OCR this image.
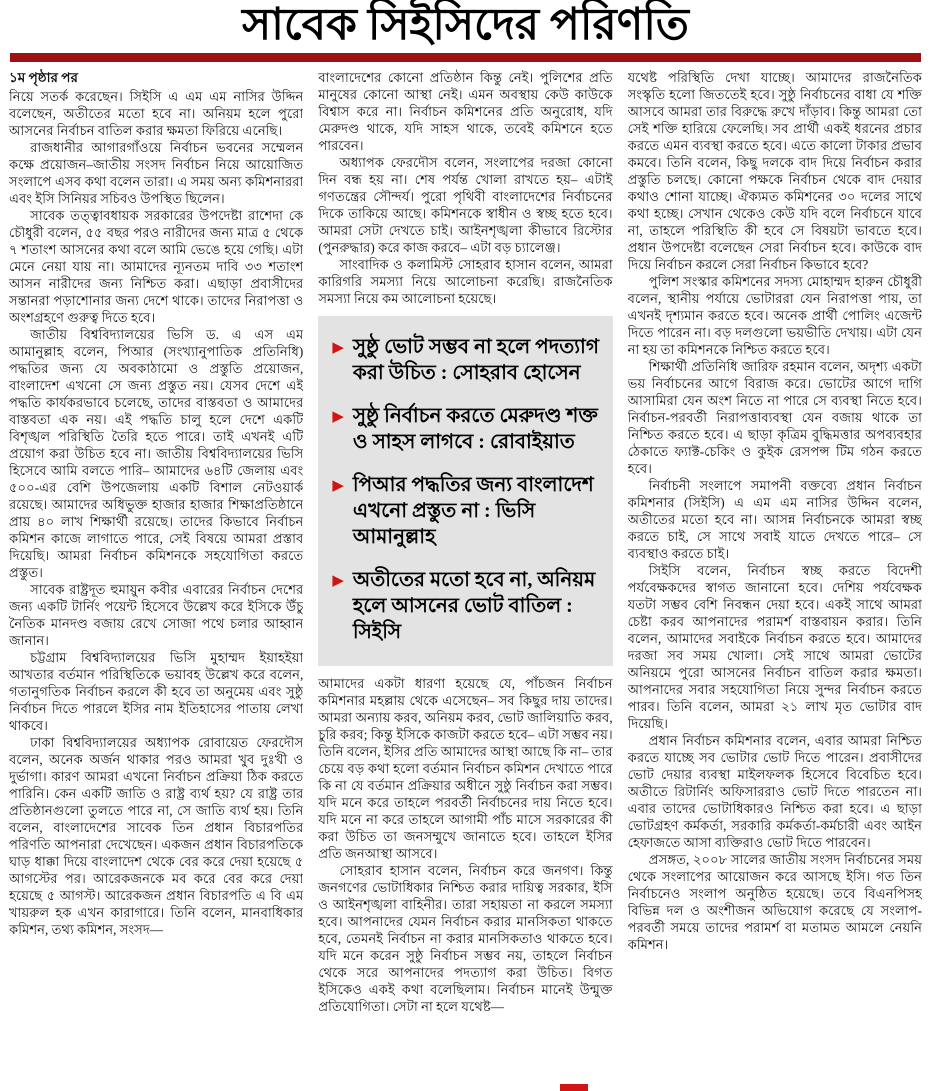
সাবেক সিইসিদের পরিণতি

১ম পৃষ্ঠার পর

নিয়ে সতর্ক করেছেন। সিইসি এ এম এম নাসির উদ্দিন বলেছেন, অতীতের মতো হবে না। অনিয়ম হলে পুরো আসনের নির্বাচন বাতিল করার ক্ষমতা ফিরিয়ে এনেছি।

রাজধানীর আগারগাঁওয়ে নির্বাচন ভবনের সম্মেলন কক্ষে প্রয়োজন–জাতীয় সংসদ নির্বাচন নিয়ে আয়োজিত সংলাপে এসব কথা বলেন তারা। এ সময় অন্য কমিশনাররা এবং ইসি সিনিয়র সচিবও উপস্থিত ছিলেন।

সাবেক তত্ত্বাবধায়ক সরকারের উপদেষ্টা রাশেদা কে চৌধুরী বলেন, ৫৫ বছর পরও নারীদের জন্য মাত্র ৫ থেকে ৭ শতাংশ আসনের কথা বলে আমি ভেঙে হয়ে গেছি। এটা মেনে নেয়া যায় না। আমাদের ন্যূনতম দাবি ৩৩ শতাংশ আসন নারীদের জন্য নিশ্চিত করা। এছাড়া প্রবাসীদের সন্তানরা পড়াশোনার জন্য দেশে থাকে। তাদের নিরাপত্তা ও অংশগ্রহণে গুরুত্ব দিতে হবে।

জাতীয় বিশ্ববিদ্যালয়ের ভিসি ড. এ এস এম আমানুল্লাহ বলেন, পিআর (সংখ্যানুপাতিক প্রতিনিধি) পদ্ধতির জন্য যে অবকাঠামো ও প্রস্তুতি প্রয়োজন, বাংলাদেশ এখনো সে জন্য প্রস্তুত নয়। যেসব দেশে এই পদ্ধতি কার্যকরভাবে চলেছে, তাদের বাস্তবতা ও আমাদের বাস্তবতা এক নয়। এই পদ্ধতি চালু হলে দেশে একটি বিশৃঙ্খল পরিস্থিতি তৈরি হতে পারে। তাই এখনই এটি প্রয়োগ করা উচিত হবে না। জাতীয় বিশ্ববিদ্যালয়ের ভিসি হিসেবে আমি বলতে পারি– আমাদের ৬৪টি জেলায় এবং ৫০০-এর বেশি উপজেলায় একটি বিশাল নেটওয়ার্ক রয়েছে। আমাদের অধিভুক্ত হাজার হাজার শিক্ষাপ্রতিষ্ঠানে প্রায় ৪০ লাখ শিক্ষার্থী রয়েছে। তাদের কিভাবে নির্বাচন কমিশন কাজে লাগাতে পারে, সেই বিষয়ে আমরা প্রস্তাব দিয়েছি। আমরা নির্বাচন কমিশনকে সহযোগিতা করতে প্রস্তুত।

সাবেক রাষ্ট্রদূত হুমায়ুন কবীর এবারের নির্বাচন দেশের জন্য একটি টার্নিং পয়েন্ট হিসেবে উল্লেখ করে ইসিকে উঁচু নৈতিক মানদণ্ড বজায় রেখে সোজা পথে চলার আহ্বান জানান।

চট্টগ্রাম বিশ্ববিদ্যালয়ের ভিসি মুহাম্মদ ইয়াহইয়া আখতার বর্তমান পরিস্থিতিকে ভয়াবহ উল্লেখ করে বলেন, গতানুগতিক নির্বাচন করলে কী হবে তা অনুমেয় এবং সুষ্ঠু নির্বাচন দিতে পারলে ইসির নাম ইতিহাসের পাতায় লেখা থাকবে।

ঢাকা বিশ্ববিদ্যালয়ের অধ্যাপক রোবায়েত ফেরদৌস বলেন, অনেক অর্জন থাকার পরও আমরা খুব দুঃখী ও দুর্ভাগা। কারণ আমরা এখনো নির্বাচন প্রক্রিয়া ঠিক করতে পারিনি। কেন একটি জাতি ও রাষ্ট্র ব্যর্থ হয়? যে রাষ্ট্র তার প্রতিষ্ঠানগুলো তুলতে পারে না, সে জাতি ব্যর্থ হয়। তিনি বলেন, বাংলাদেশের সাবেক তিন প্রধান বিচারপতির পরিণতি আপনারা দেখেছেন। একজন প্রধান বিচারপতিকে ঘাড় ধাক্কা দিয়ে বাংলাদেশ থেকে বের করে দেয়া হয়েছে ৫ আগস্টের পর। আরেকজনকে মব করে বের করে দেয়া হয়েছে ৫ আগস্ট। আরেকজন প্রধান বিচারপতি এ বি এম খায়রুল হক এখন কারাগারে। তিনি বলেন, মানবাধিকার কমিশন, তথ্য কমিশন, সংসদ—

বাংলাদেশের কোনো প্রতিষ্ঠান কিন্তু নেই। পুলিশের প্রতি মানুষের কোনো আস্থা নেই। এমন অবস্থায় কেউ কাউকে বিশ্বাস করে না। নির্বাচন কমিশনের প্রতি অনুরোধ, যদি মেরুদণ্ড থাকে, যদি সাহস থাকে, তবেই কমিশনে হতে পারবেন।

অধ্যাপক ফেরদৌস বলেন, সংলাপের দরজা কোনো দিন বন্ধ হয় না। শেষ পর্যন্ত খোলা রাখতে হয়– এটাই গণতন্ত্রের সৌন্দর্য। পুরো পৃথিবী বাংলাদেশের নির্বাচনের দিকে তাকিয়ে আছে। কমিশনকে স্বাধীন ও স্বচ্ছ হতে হবে। আমরা সেটা দেখতে চাই। আইনশৃঙ্খলা কীভাবে রিস্টোর (পুনরুদ্ধার) করে কাজ করবে– এটা বড় চ্যালেঞ্জ।

সাংবাদিক ও কলামিস্ট সোহরাব হাসান বলেন, আমরা কারিগরি সমস্যা নিয়ে আলোচনা করেছি। রাজনৈতিক সমস্যা নিয়ে কম আলোচনা হয়েছে।

▶ সুষ্ঠু ভোট সম্ভব না হলে পদত্যাগ করা উচিত : সোহরাব হোসেন
▶ সুষ্ঠু নির্বাচন করতে মেরুদণ্ড শক্ত ও সাহস লাগবে : রোবাইয়াত
▶ পিআর পদ্ধতির জন্য বাংলাদেশ এখনো প্রস্তুত না : ভিসি আমানুল্লাহ
▶ অতীতের মতো হবে না, অনিয়ম হলে আসনের ভোট বাতিল : সিইসি

আমাদের একটা ধারণা হয়েছে যে, পাঁচজন নির্বাচন কমিশনার মহল্লায় থেকে এসেছেন– সব কিছুর দায় তাদের। আমরা অন্যায় করব, অনিয়ম করব, ভোট জালিয়াতি করব, চুরি করব; কিন্তু ইসিকে কাজটা করতে হবে– এটা সম্ভব নয়। তিনি বলেন, ইসির প্রতি আমাদের আস্থা আছে কি না– তার চেয়ে বড় কথা হলো বর্তমান নির্বাচন কমিশন দেখাতে পারে কি না যে বর্তমান প্রক্রিয়ার অধীনে সুষ্ঠু নির্বাচন করা সম্ভব। যদি মনে করে তাহলে পরবর্তী নির্বাচনের দায় নিতে হবে। যদি মনে না করে তাহলে আগামী পাঁচ মাসে সরকারের কী করা উচিত তা জনসম্মুখে জানাতে হবে। তাহলে ইসির প্রতি জনআস্থা আসবে।

সোহরাব হাসান বলেন, নির্বাচন করে জনগণ। কিন্তু জনগণের ভোটাধিকার নিশ্চিত করার দায়িত্ব সরকার, ইসি ও আইনশৃঙ্খলা বাহিনীর। তারা সহায়তা না করলে সমস্যা হবে। আপনাদের যেমন নির্বাচন করার মানসিকতা থাকতে হবে, তেমনই নির্বাচন না করার মানসিকতাও থাকতে হবে। যদি মনে করেন সুষ্ঠু নির্বাচন সম্ভব নয়, তাহলে নির্বাচন থেকে সরে আপনাদের পদত্যাগ করা উচিত। বিগত ইসিকেও একই কথা বলেছিলাম। নির্বাচন মানেই উন্মুক্ত প্রতিযোগিতা। সেটা না হলে যথেষ্ট—

যথেষ্ট পরিস্থিতি দেখা যাচ্ছে। আমাদের রাজনৈতিক সংস্কৃতি হলো জিততেই হবে। সুষ্ঠু নির্বাচনের বাধা যে শক্তি আসবে আমরা তার বিরুদ্ধে রুখে দাঁড়াব। কিন্তু আমরা তো সেই শক্তি হারিয়ে ফেলেছি। সব প্রার্থী একই ধরনের প্রচার করতে এমন ব্যবস্থা করতে হবে। এতে কালো টাকার প্রভাব কমবে। তিনি বলেন, কিছু দলকে বাদ দিয়ে নির্বাচন করার প্রস্তুতি চলছে। কোনো পক্ষকে নির্বাচন থেকে বাদ দেয়ার কথাও শোনা যাচ্ছে। ঐক্যমত কমিশনের ৩০ দলের সাথে কথা হচ্ছে। সেখান থেকেও কেউ যদি বলে নির্বাচনে যাবে না, তাহলে পরিস্থিতি কী হবে সে বিষয়টা ভাবতে হবে। প্রধান উপদেষ্টা বলেছেন সেরা নির্বাচন হবে। কাউকে বাদ দিয়ে নির্বাচন করলে সেরা নির্বাচন কিভাবে হবে?

পুলিশ সংস্কার কমিশনের সদস্য মোহাম্মদ হারুন চৌধুরী বলেন, স্থানীয় পর্যায়ে ভোটাররা যেন নিরাপত্তা পায়, তা এখনই দৃশ্যমান করতে হবে। অনেক প্রার্থী পোলিং এজেন্ট দিতে পারেন না। বড় দলগুলো ভয়ভীতি দেখায়। এটা যেন না হয় তা কমিশনকে নিশ্চিত করতে হবে।

শিক্ষার্থী প্রতিনিধি জারিফ রহমান বলেন, অদৃশ্য একটা ভয় নির্বাচনের আগে বিরাজ করে। ভোটের আগে দাগি আসামিরা যেন অংশ নিতে না পারে সে ব্যবস্থা নিতে হবে। নির্বাচন-পরবর্তী নিরাপত্তাব্যবস্থা যেন বজায় থাকে তা নিশ্চিত করতে হবে। এ ছাড়া কৃত্রিম বুদ্ধিমত্তার অপব্যবহার ঠেকাতে ফ্যাক্ট-চেকিং ও কুইক রেসপন্স টিম গঠন করতে হবে।

নির্বাচনী সংলাপে সমাপনী বক্তব্যে প্রধান নির্বাচন কমিশনার (সিইসি) এ এম এম নাসির উদ্দিন বলেন, অতীতের মতো হবে না। আসন্ন নির্বাচনকে আমরা স্বচ্ছ করতে চাই, সে সাথে সবাই যাতে দেখতে পারে– সে ব্যবস্থাও করতে চাই।

সিইসি বলেন, নির্বাচন স্বচ্ছ করতে বিদেশী পর্যবেক্ষকদের স্বাগত জানানো হবে। দেশিয় পর্যবেক্ষক যতটা সম্ভব বেশি নিবন্ধন দেয়া হবে। একই সাথে আমরা চেষ্টা করব আপনাদের পরামর্শ বাস্তবায়ন করার। তিনি বলেন, আমাদের সবাইকে নির্বাচন করতে হবে। আমাদের দরজা সব সময় খোলা। সেই সাথে আমরা ভোটের অনিয়মে পুরো আসনের নির্বাচন বাতিল করার ক্ষমতা। আপনাদের সবার সহযোগিতা নিয়ে সুন্দর নির্বাচন করতে পারব। তিনি বলেন, আমরা ২১ লাখ মৃত ভোটার বাদ দিয়েছি।

প্রধান নির্বাচন কমিশনার বলেন, এবার আমরা নিশ্চিত করতে যাচ্ছে সব ভোটার ভোট দিতে পারেন। প্রবাসীদের ভোট দেয়ার ব্যবস্থা মাইলফলক হিসেবে বিবেচিত হবে। অতীতে রিটার্নিং অফিসাররাও ভোট দিতে পারতেন না। এবার তাদের ভোটাধিকারও নিশ্চিত করা হবে। এ ছাড়া ভোটগ্রহণ কর্মকর্তা, সরকারি কর্মকর্তা-কর্মচারী এবং আইন হেফাজতে আসা ব্যক্তিরাও ভোট দিতে পারবেন।

প্রসঙ্গত, ২০০৮ সালের জাতীয় সংসদ নির্বাচনের সময় থেকে সংলাপের আয়োজন করে আসছে ইসি। গত তিন নির্বাচনেও সংলাপ অনুষ্ঠিত হয়েছে। তবে বিএনপিসহ বিভিন্ন দল ও অংশীজন অভিযোগ করেছে যে সংলাপ-পরবর্তী সময়ে তাদের পরামর্শ বা মতামত আমলে নেয়নি কমিশন।
